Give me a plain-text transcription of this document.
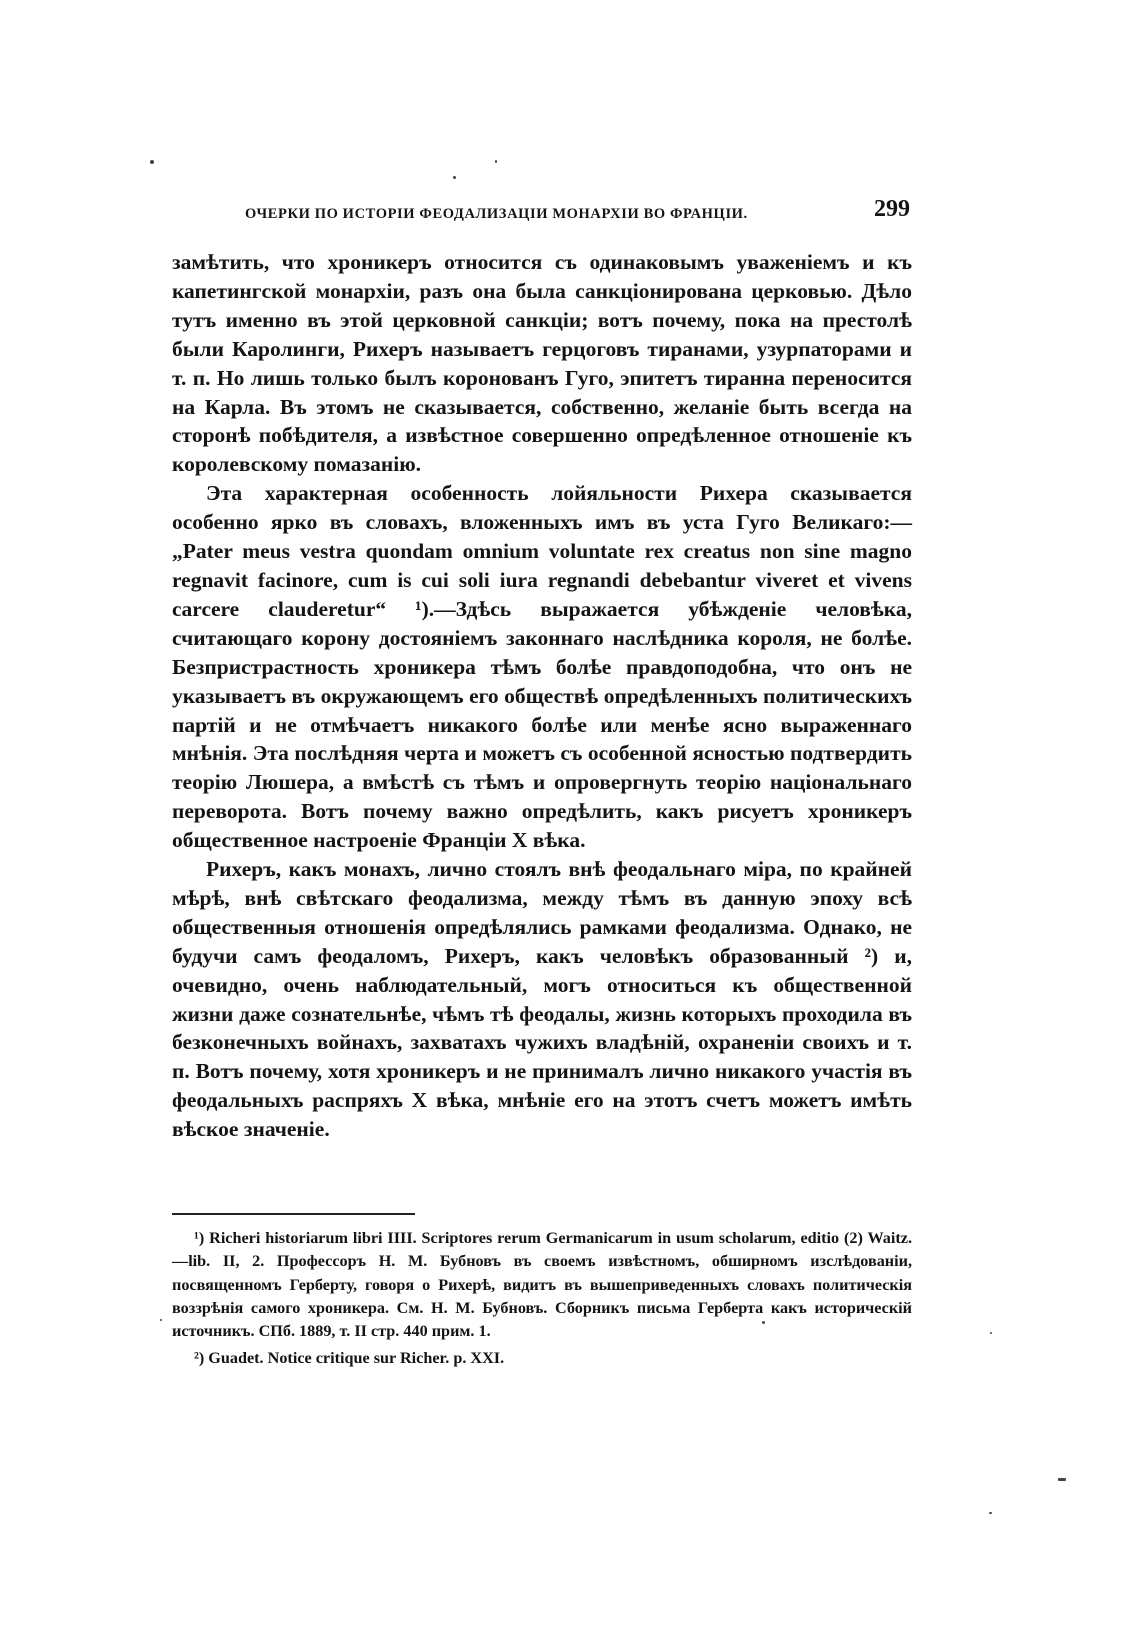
ОЧЕРКИ ПО ИСТОРІИ ФЕОДАЛИЗАЦІИ МОНАРХІИ ВО ФРАНЦІИ.	299

замѣтить, что хроникеръ относится съ одинаковымъ уваженіемъ и къ капетингской монархіи, разъ она была санкціонирована церковью. Дѣло тутъ именно въ этой церковной санкціи; вотъ почему, пока на престолѣ были Каролинги, Рихеръ называетъ герцоговъ тиранами, узурпаторами и т. п. Но лишь только былъ коронованъ Гуго, эпитетъ тиранна переносится на Карла. Въ этомъ не сказывается, собственно, желаніе быть всегда на сторонѣ побѣдителя, а извѣстное совершенно опредѣленное отношеніе къ королевскому помазанію.

Эта характерная особенность лойяльности Рихера сказывается особенно ярко въ словахъ, вложенныхъ имъ въ уста Гуго Великаго:— „Pater meus vestra quondam omnium voluntate rex creatus non sine magno regnavit facinore, cum is cui soli iura regnandi debebantur viveret et vivens carcere clauderetur“ ¹).—Здѣсь выражается убѣжденіе человѣка, считающаго корону достояніемъ законнаго наслѣдника короля, не болѣе. Безпристрастность хроникера тѣмъ болѣе правдоподобна, что онъ не указываетъ въ окружающемъ его обществѣ опредѣленныхъ политическихъ партій и не отмѣчаетъ никакого болѣе или менѣе ясно выраженнаго мнѣнія. Эта послѣдняя черта и можетъ съ особенной ясностью подтвердить теорію Люшера, а вмѣстѣ съ тѣмъ и опровергнуть теорію національнаго переворота. Вотъ почему важно опредѣлить, какъ рисуетъ хроникеръ общественное настроеніе Франціи X вѣка.

Рихеръ, какъ монахъ, лично стоялъ внѣ феодальнаго міра, по крайней мѣрѣ, внѣ свѣтскаго феодализма, между тѣмъ въ данную эпоху всѣ общественныя отношенія опредѣлялись рамками феодализма. Однако, не будучи самъ феодаломъ, Рихеръ, какъ человѣкъ образованный ²) и, очевидно, очень наблюдательный, могъ относиться къ общественной жизни даже сознательнѣе, чѣмъ тѣ феодалы, жизнь которыхъ проходила въ безконечныхъ войнахъ, захватахъ чужихъ владѣній, охраненіи своихъ и т. п. Вотъ почему, хотя хроникеръ и не принималъ лично никакого участія въ феодальныхъ распряхъ X вѣка, мнѣніе его на этотъ счетъ можетъ имѣть вѣское значеніе.

¹) Richeri historiarum libri IIII. Scriptores rerum Germanicarum in usum scholarum, editio (2) Waitz.—lib. II, 2. Профессоръ Н. М. Бубновъ въ своемъ извѣстномъ, обширномъ изслѣдованіи, посвященномъ Герберту, говоря о Рихерѣ, видитъ въ вышеприведенныхъ словахъ политическія воззрѣнія самого хроникера. См. Н. М. Бубновъ. Сборникъ письма Герберта какъ историческій источникъ. СПб. 1889, т. II стр. 440 прим. 1.

²) Guadet. Notice critique sur Richer. p. XXI.
